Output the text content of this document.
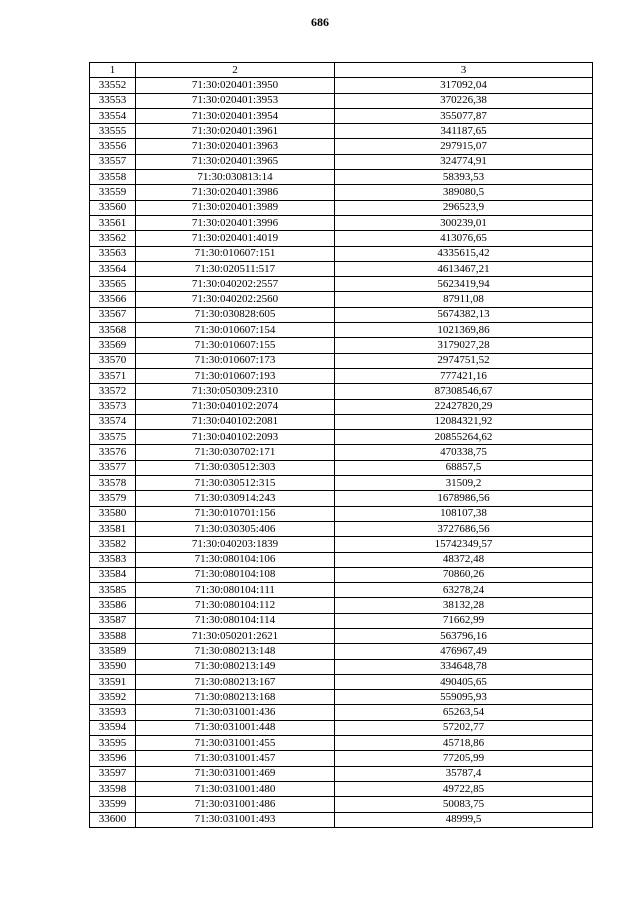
686
1	2	3
33552	71:30:020401:3950	317092,04
33553	71:30:020401:3953	370226,38
33554	71:30:020401:3954	355077,87
33555	71:30:020401:3961	341187,65
33556	71:30:020401:3963	297915,07
33557	71:30:020401:3965	324774,91
33558	71:30:030813:14	58393,53
33559	71:30:020401:3986	389080,5
33560	71:30:020401:3989	296523,9
33561	71:30:020401:3996	300239,01
33562	71:30:020401:4019	413076,65
33563	71:30:010607:151	4335615,42
33564	71:30:020511:517	4613467,21
33565	71:30:040202:2557	5623419,94
33566	71:30:040202:2560	87911,08
33567	71:30:030828:605	5674382,13
33568	71:30:010607:154	1021369,86
33569	71:30:010607:155	3179027,28
33570	71:30:010607:173	2974751,52
33571	71:30:010607:193	777421,16
33572	71:30:050309:2310	87308546,67
33573	71:30:040102:2074	22427820,29
33574	71:30:040102:2081	12084321,92
33575	71:30:040102:2093	20855264,62
33576	71:30:030702:171	470338,75
33577	71:30:030512:303	68857,5
33578	71:30:030512:315	31509,2
33579	71:30:030914:243	1678986,56
33580	71:30:010701:156	108107,38
33581	71:30:030305:406	3727686,56
33582	71:30:040203:1839	15742349,57
33583	71:30:080104:106	48372,48
33584	71:30:080104:108	70860,26
33585	71:30:080104:111	63278,24
33586	71:30:080104:112	38132,28
33587	71:30:080104:114	71662,99
33588	71:30:050201:2621	563796,16
33589	71:30:080213:148	476967,49
33590	71:30:080213:149	334648,78
33591	71:30:080213:167	490405,65
33592	71:30:080213:168	559095,93
33593	71:30:031001:436	65263,54
33594	71:30:031001:448	57202,77
33595	71:30:031001:455	45718,86
33596	71:30:031001:457	77205,99
33597	71:30:031001:469	35787,4
33598	71:30:031001:480	49722,85
33599	71:30:031001:486	50083,75
33600	71:30:031001:493	48999,5
